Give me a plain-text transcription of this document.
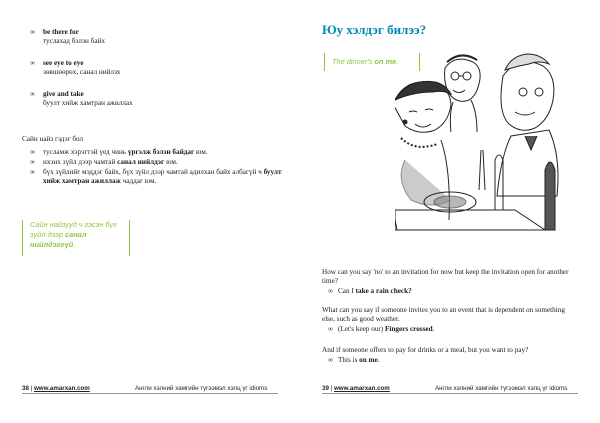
∞ be there for
туслахад бэлэн байх
∞ see eye to eye
зөвшөөрөх, санал нийлэх
∞ give and take
буулт хийж хамтран ажиллах
Сайн найз гэдэг бол
∞ тусламж хэрэгтэй үед чинь үргэлж бэлэн байдаг юм.
∞ ихэнх зүйл дээр чамтай санал нийлдэг юм.
∞ бүх зүйлийг мэддэг байх, бүх зүйл дээр чамтай адилхан байх албагүй ч буулт хийж хамтран ажиллаж чаддаг юм.
Сайн найзууд ч гэсэн бүх зүйл дээр санал нийлдэггүй.
38 | www.amarxan.com	Англи хэлний хамгийн түгээмэл хэлц үг idioms
Юу хэлдэг билээ?
The dinner's on me.
How can you say 'no' to an invitation for now but keep the invitation open for another time?
∞ Can I take a rain check?
What can you say if someone invites you to an event that is dependent on something else, such as good weather.
∞ (Let's keep our) Fingers crossed.
And if someone offers to pay for drinks or a meal, but you want to pay?
∞ This is on me.
39 | www.amarxan.com	Англи хэлний хамгийн түгээмэл хэлц үг idioms
